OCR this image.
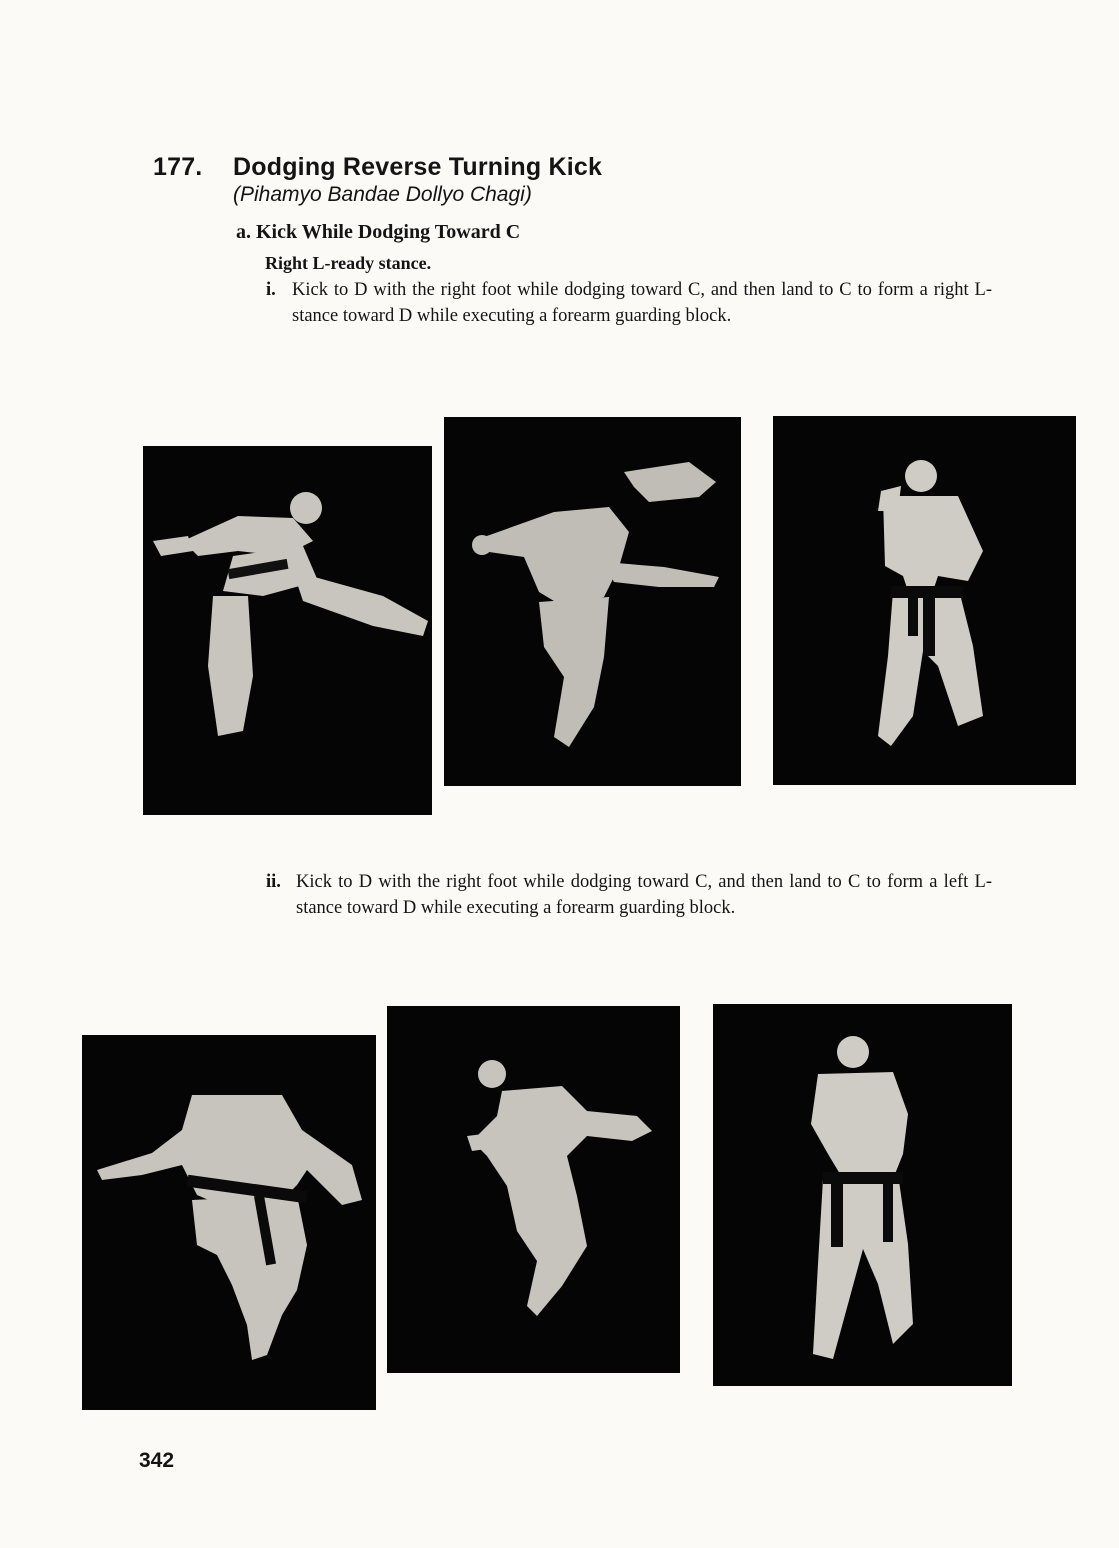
177. Dodging Reverse Turning Kick
(Pihamyo Bandae Dollyo Chagi)
a. Kick While Dodging Toward C
Right L-ready stance.
i. Kick to D with the right foot while dodging toward C, and then land to C to form a right L-stance toward D while executing a forearm guarding block.
ii. Kick to D with the right foot while dodging toward C, and then land to C to form a left L-stance toward D while executing a forearm guarding block.
342
